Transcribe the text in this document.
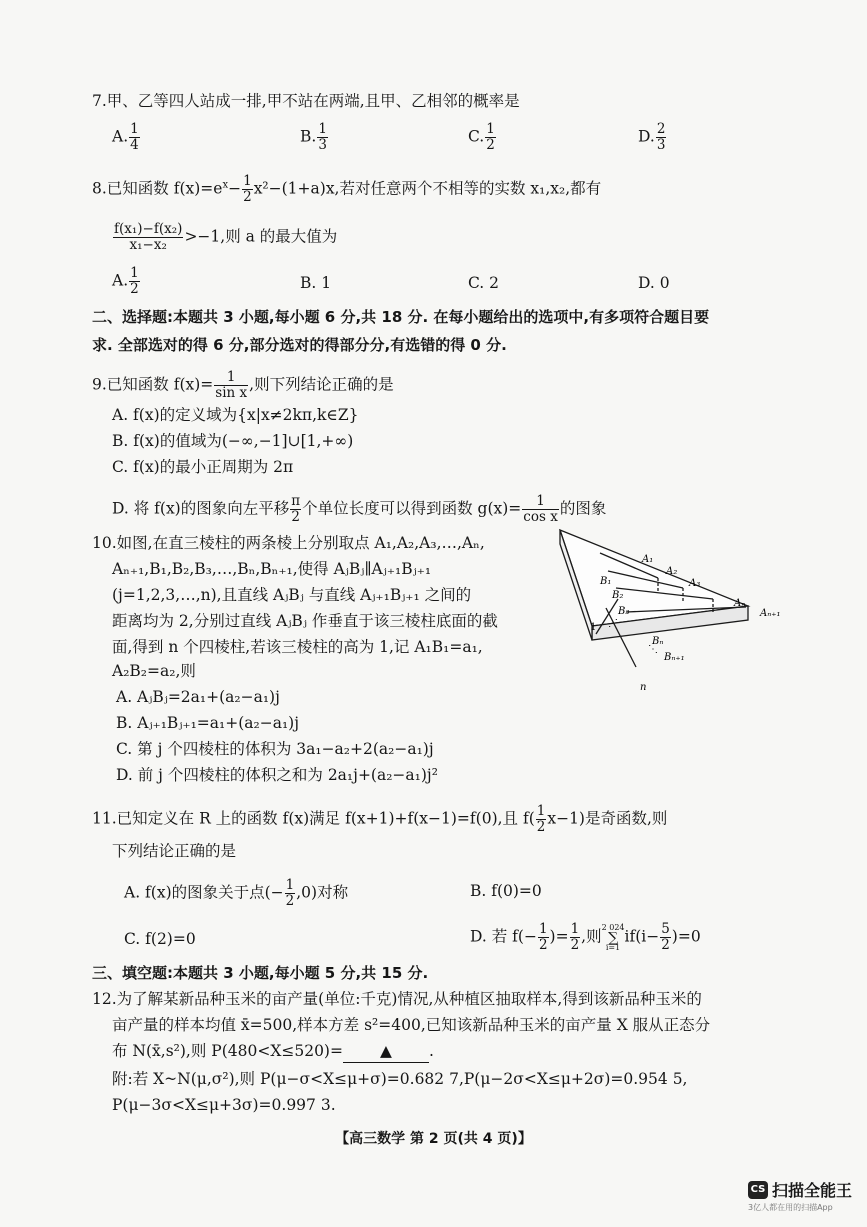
7.甲、乙等四人站成一排,甲不站在两端,且甲、乙相邻的概率是
A. $\frac{1}{4}$	B. $\frac{1}{3}$	C. $\frac{1}{2}$	D. $\frac{2}{3}$
8.已知函数 $f(x)=e^x- \frac{1}{2} x^2-(1+a)x$,若对任意两个不相等的实数 x₁,x₂,都有
$\frac{\text{f(x₁)−f(x₂)}}{\text{x₁−x₂}} >-1$,则 a 的最大值为
A. $\frac{1}{2}$	B. 1	C. 2	D. 0
二、选择题:本题共 3 小题,每小题 6 分,共 18 分. 在每小题给出的选项中,有多项符合题目要
求. 全部选对的得 6 分,部分选对的得部分分,有选错的得 0 分.
9.已知函数 $f(x)= \frac{1}{\text{sin x}}$ ,则下列结论正确的是
A. f(x)的定义域为{x|x≠2kπ,k∈Z}
B. f(x)的值域为(−∞,−1]∪[1,+∞)
C. f(x)的最小正周期为 2π
D. 将 f(x)的图象向左平移 $\frac{\pi}{2}$ 个单位长度可以得到函数 $g(x)= \frac{1}{\text{cos x}}$ 的图象
10.如图,在直三棱柱的两条棱上分别取点 A₁,A₂,A₃,…,Aₙ,
Aₙ₊₁,B₁,B₂,B₃,…,Bₙ,Bₙ₊₁,使得 AⱼBⱼ∥Aⱼ₊₁Bⱼ₊₁
(j=1,2,3,…,n),且直线 AⱼBⱼ 与直线 Aⱼ₊₁Bⱼ₊₁ 之间的
距离均为 2,分别过直线 AⱼBⱼ 作垂直于该三棱柱底面的截
面,得到 n 个四棱柱,若该三棱柱的高为 1,记 A₁B₁=a₁,
A₂B₂=a₂,则
A. AⱼBⱼ=2a₁+(a₂−a₁)j
B. Aⱼ₊₁Bⱼ₊₁=a₁+(a₂−a₁)j
C. 第 j 个四棱柱的体积为 3a₁−a₂+2(a₂−a₁)j
D. 前 j 个四棱柱的体积之和为 2a₁j+(a₂−a₁)j²
A₁
A₂
A₃
Aₙ
Aₙ₊₁
B₁
B₂
B₃
Bₙ
Bₙ₊₁
1
n
⋰
⋱
11.已知定义在 R 上的函数 f(x)满足 f(x+1)+f(x−1)=f(0),且 $f( \frac{1}{2} x-1)$是奇函数,则
下列结论正确的是
A. f(x)的图象关于点(− $\frac{1}{2} ,0$)对称	B. f(0)=0
C. f(2)=0	D. 若 $f(- \frac{1}{2}$ )= $\frac{1}{2}$ ,则
2 024
∑
i=1
$if(i- \frac{5}{2} )=0$
三、填空题:本题共 3 小题,每小题 5 分,共 15 分.
12.为了解某新品种玉米的亩产量(单位:千克)情况,从种植区抽取样本,得到该新品种玉米的
亩产量的样本均值 x̄=500,样本方差 s²=400,已知该新品种玉米的亩产量 X 服从正态分
布 N(x̄,s²),则 P(480<X≤520)= ▲ .
附:若 X~N(μ,σ²),则 P(μ−σ<X≤μ+σ)=0.682 7,P(μ−2σ<X≤μ+2σ)=0.954 5,
P(μ−3σ<X≤μ+3σ)=0.997 3.
【高三数学 第 2 页(共 4 页)】
CS 扫描全能王
3亿人都在用的扫描App
